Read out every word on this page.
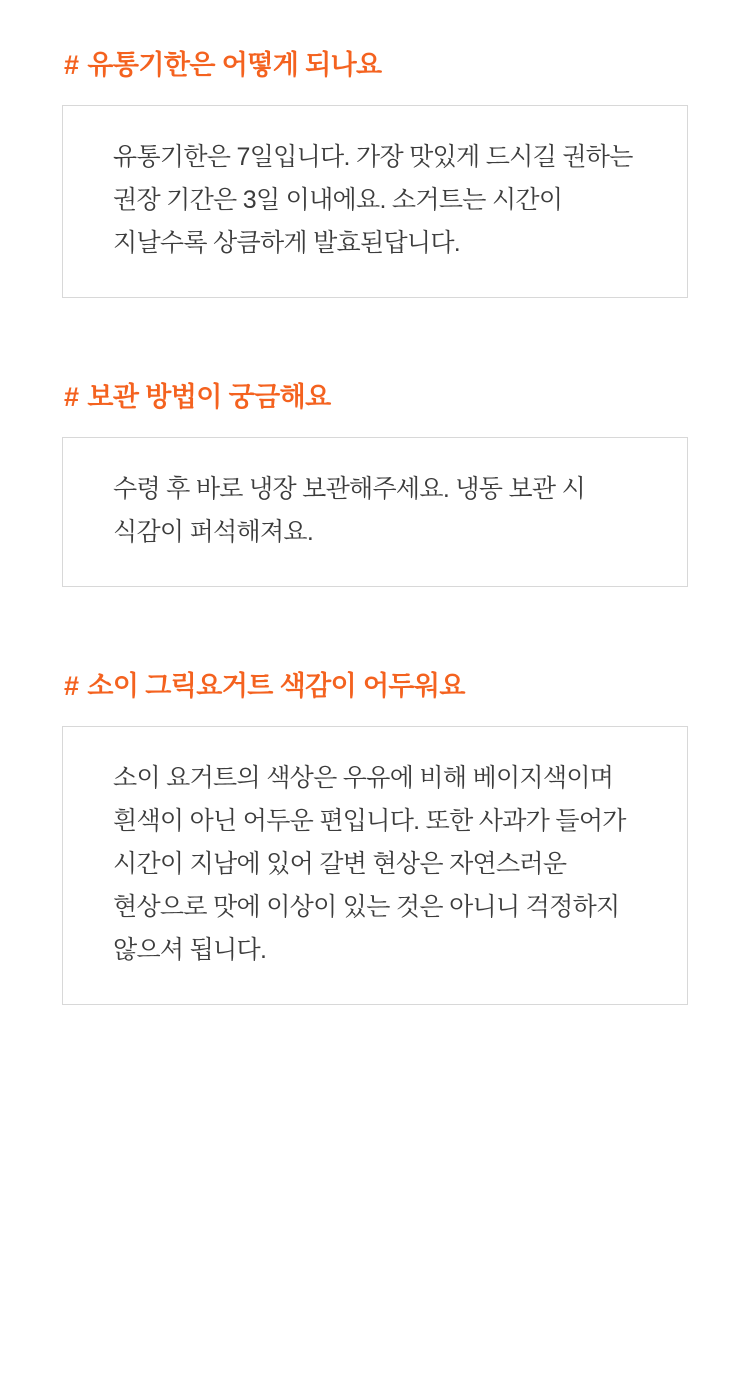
# 유통기한은 어떻게 되나요

유통기한은 7일입니다. 가장 맛있게 드시길 권하는 권장 기간은 3일 이내에요. 소거트는 시간이 지날수록 상큼하게 발효된답니다.

# 보관 방법이 궁금해요

수령 후 바로 냉장 보관해주세요. 냉동 보관 시 식감이 퍼석해져요.

# 소이 그릭요거트 색감이 어두워요

소이 요거트의 색상은 우유에 비해 베이지색이며 흰색이 아닌 어두운 편입니다. 또한 사과가 들어가 시간이 지남에 있어 갈변 현상은 자연스러운 현상으로 맛에 이상이 있는 것은 아니니 걱정하지 않으셔 됩니다.
